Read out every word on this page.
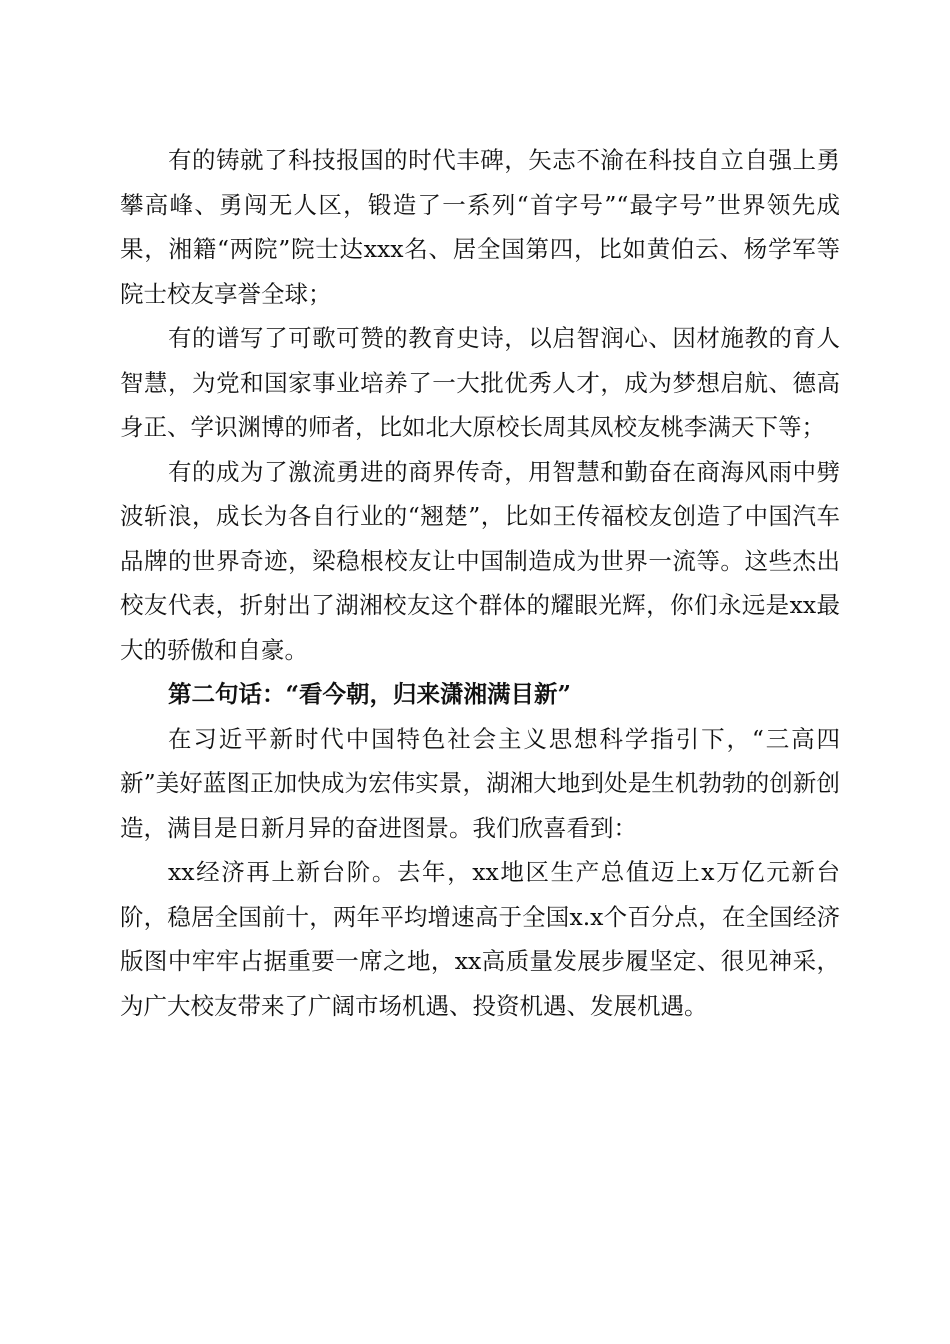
有的铸就了科技报国的时代丰碑，矢志不渝在科技自立自强上勇攀高峰、勇闯无人区，锻造了一系列“首字号”“最字号”世界领先成果，湘籍“两院”院士达xxx名、居全国第四，比如黄伯云、杨学军等院士校友享誉全球；

有的谱写了可歌可赞的教育史诗，以启智润心、因材施教的育人智慧，为党和国家事业培养了一大批优秀人才，成为梦想启航、德高身正、学识渊博的师者，比如北大原校长周其凤校友桃李满天下等；

有的成为了激流勇进的商界传奇，用智慧和勤奋在商海风雨中劈波斩浪，成长为各自行业的“翘楚”，比如王传福校友创造了中国汽车品牌的世界奇迹，梁稳根校友让中国制造成为世界一流等。这些杰出校友代表，折射出了湖湘校友这个群体的耀眼光辉，你们永远是xx最大的骄傲和自豪。

第二句话：“看今朝，归来潇湘满目新”

在习近平新时代中国特色社会主义思想科学指引下，“三高四新”美好蓝图正加快成为宏伟实景，湖湘大地到处是生机勃勃的创新创造，满目是日新月异的奋进图景。我们欣喜看到：

xx经济再上新台阶。去年，xx地区生产总值迈上x万亿元新台阶，稳居全国前十，两年平均增速高于全国x.x个百分点，在全国经济版图中牢牢占据重要一席之地，xx高质量发展步履坚定、很见神采，为广大校友带来了广阔市场机遇、投资机遇、发展机遇。
